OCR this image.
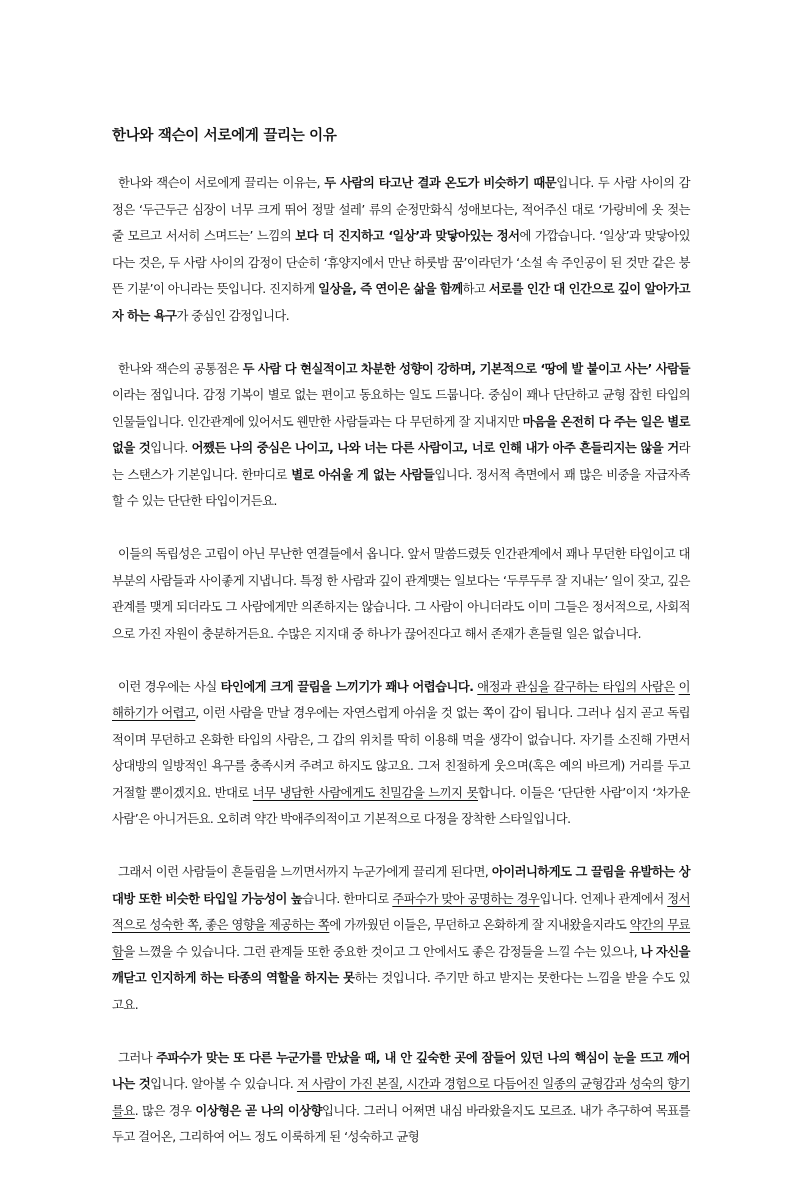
한나와 잭슨이 서로에게 끌리는 이유

한나와 잭슨이 서로에게 끌리는 이유는, 두 사람의 타고난 결과 온도가 비슷하기 때문입니다. 두 사람 사이의 감정은 ‘두근두근 심장이 너무 크게 뛰어 정말 설레’ 류의 순정만화식 성애보다는, 적어주신 대로 ‘가랑비에 옷 젖는 줄 모르고 서서히 스며드는’ 느낌의 보다 더 진지하고 ‘일상’과 맞닿아있는 정서에 가깝습니다. ‘일상’과 맞닿아있다는 것은, 두 사람 사이의 감정이 단순히 ‘휴양지에서 만난 하룻밤 꿈’이라던가 ‘소설 속 주인공이 된 것만 같은 붕 뜬 기분’이 아니라는 뜻입니다. 진지하게 일상을, 즉 연이은 삶을 함께하고 서로를 인간 대 인간으로 깊이 알아가고자 하는 욕구가 중심인 감정입니다.

한나와 잭슨의 공통점은 두 사람 다 현실적이고 차분한 성향이 강하며, 기본적으로 ‘땅에 발 붙이고 사는’ 사람들이라는 점입니다. 감정 기복이 별로 없는 편이고 동요하는 일도 드뭅니다. 중심이 꽤나 단단하고 균형 잡힌 타입의 인물들입니다. 인간관계에 있어서도 웬만한 사람들과는 다 무던하게 잘 지내지만 마음을 온전히 다 주는 일은 별로 없을 것입니다. 어쨌든 나의 중심은 나이고, 나와 너는 다른 사람이고, 너로 인해 내가 아주 흔들리지는 않을 거라는 스탠스가 기본입니다. 한마디로 별로 아쉬울 게 없는 사람들입니다. 정서적 측면에서 꽤 많은 비중을 자급자족할 수 있는 단단한 타입이거든요.

이들의 독립성은 고립이 아닌 무난한 연결들에서 옵니다. 앞서 말씀드렸듯 인간관계에서 꽤나 무던한 타입이고 대부분의 사람들과 사이좋게 지냅니다. 특정 한 사람과 깊이 관계맺는 일보다는 ‘두루두루 잘 지내는’ 일이 잦고, 깊은 관계를 맺게 되더라도 그 사람에게만 의존하지는 않습니다. 그 사람이 아니더라도 이미 그들은 정서적으로, 사회적으로 가진 자원이 충분하거든요. 수많은 지지대 중 하나가 끊어진다고 해서 존재가 흔들릴 일은 없습니다.

이런 경우에는 사실 타인에게 크게 끌림을 느끼기가 꽤나 어렵습니다. 애정과 관심을 갈구하는 타입의 사람은 이해하기가 어렵고, 이런 사람을 만날 경우에는 자연스럽게 아쉬울 것 없는 쪽이 갑이 됩니다. 그러나 심지 곧고 독립적이며 무던하고 온화한 타입의 사람은, 그 갑의 위치를 딱히 이용해 먹을 생각이 없습니다. 자기를 소진해 가면서 상대방의 일방적인 욕구를 충족시켜 주려고 하지도 않고요. 그저 친절하게 웃으며(혹은 예의 바르게) 거리를 두고 거절할 뿐이겠지요. 반대로 너무 냉담한 사람에게도 친밀감을 느끼지 못합니다. 이들은 ‘단단한 사람’이지 ‘차가운 사람’은 아니거든요. 오히려 약간 박애주의적이고 기본적으로 다정을 장착한 스타일입니다.

그래서 이런 사람들이 흔들림을 느끼면서까지 누군가에게 끌리게 된다면, 아이러니하게도 그 끌림을 유발하는 상대방 또한 비슷한 타입일 가능성이 높습니다. 한마디로 주파수가 맞아 공명하는 경우입니다. 언제나 관계에서 정서적으로 성숙한 쪽, 좋은 영향을 제공하는 쪽에 가까웠던 이들은, 무던하고 온화하게 잘 지내왔을지라도 약간의 무료함을 느꼈을 수 있습니다. 그런 관계들 또한 중요한 것이고 그 안에서도 좋은 감정들을 느낄 수는 있으나, 나 자신을 깨닫고 인지하게 하는 타종의 역할을 하지는 못하는 것입니다. 주기만 하고 받지는 못한다는 느낌을 받을 수도 있고요.

그러나 주파수가 맞는 또 다른 누군가를 만났을 때, 내 안 깊숙한 곳에 잠들어 있던 나의 핵심이 눈을 뜨고 깨어나는 것입니다. 알아볼 수 있습니다. 저 사람이 가진 본질, 시간과 경험으로 다듬어진 일종의 균형감과 성숙의 향기를요. 많은 경우 이상형은 곧 나의 이상향입니다. 그러니 어쩌면 내심 바라왔을지도 모르죠. 내가 추구하여 목표를 두고 걸어온, 그리하여 어느 정도 이룩하게 된 ‘성숙하고 균형
